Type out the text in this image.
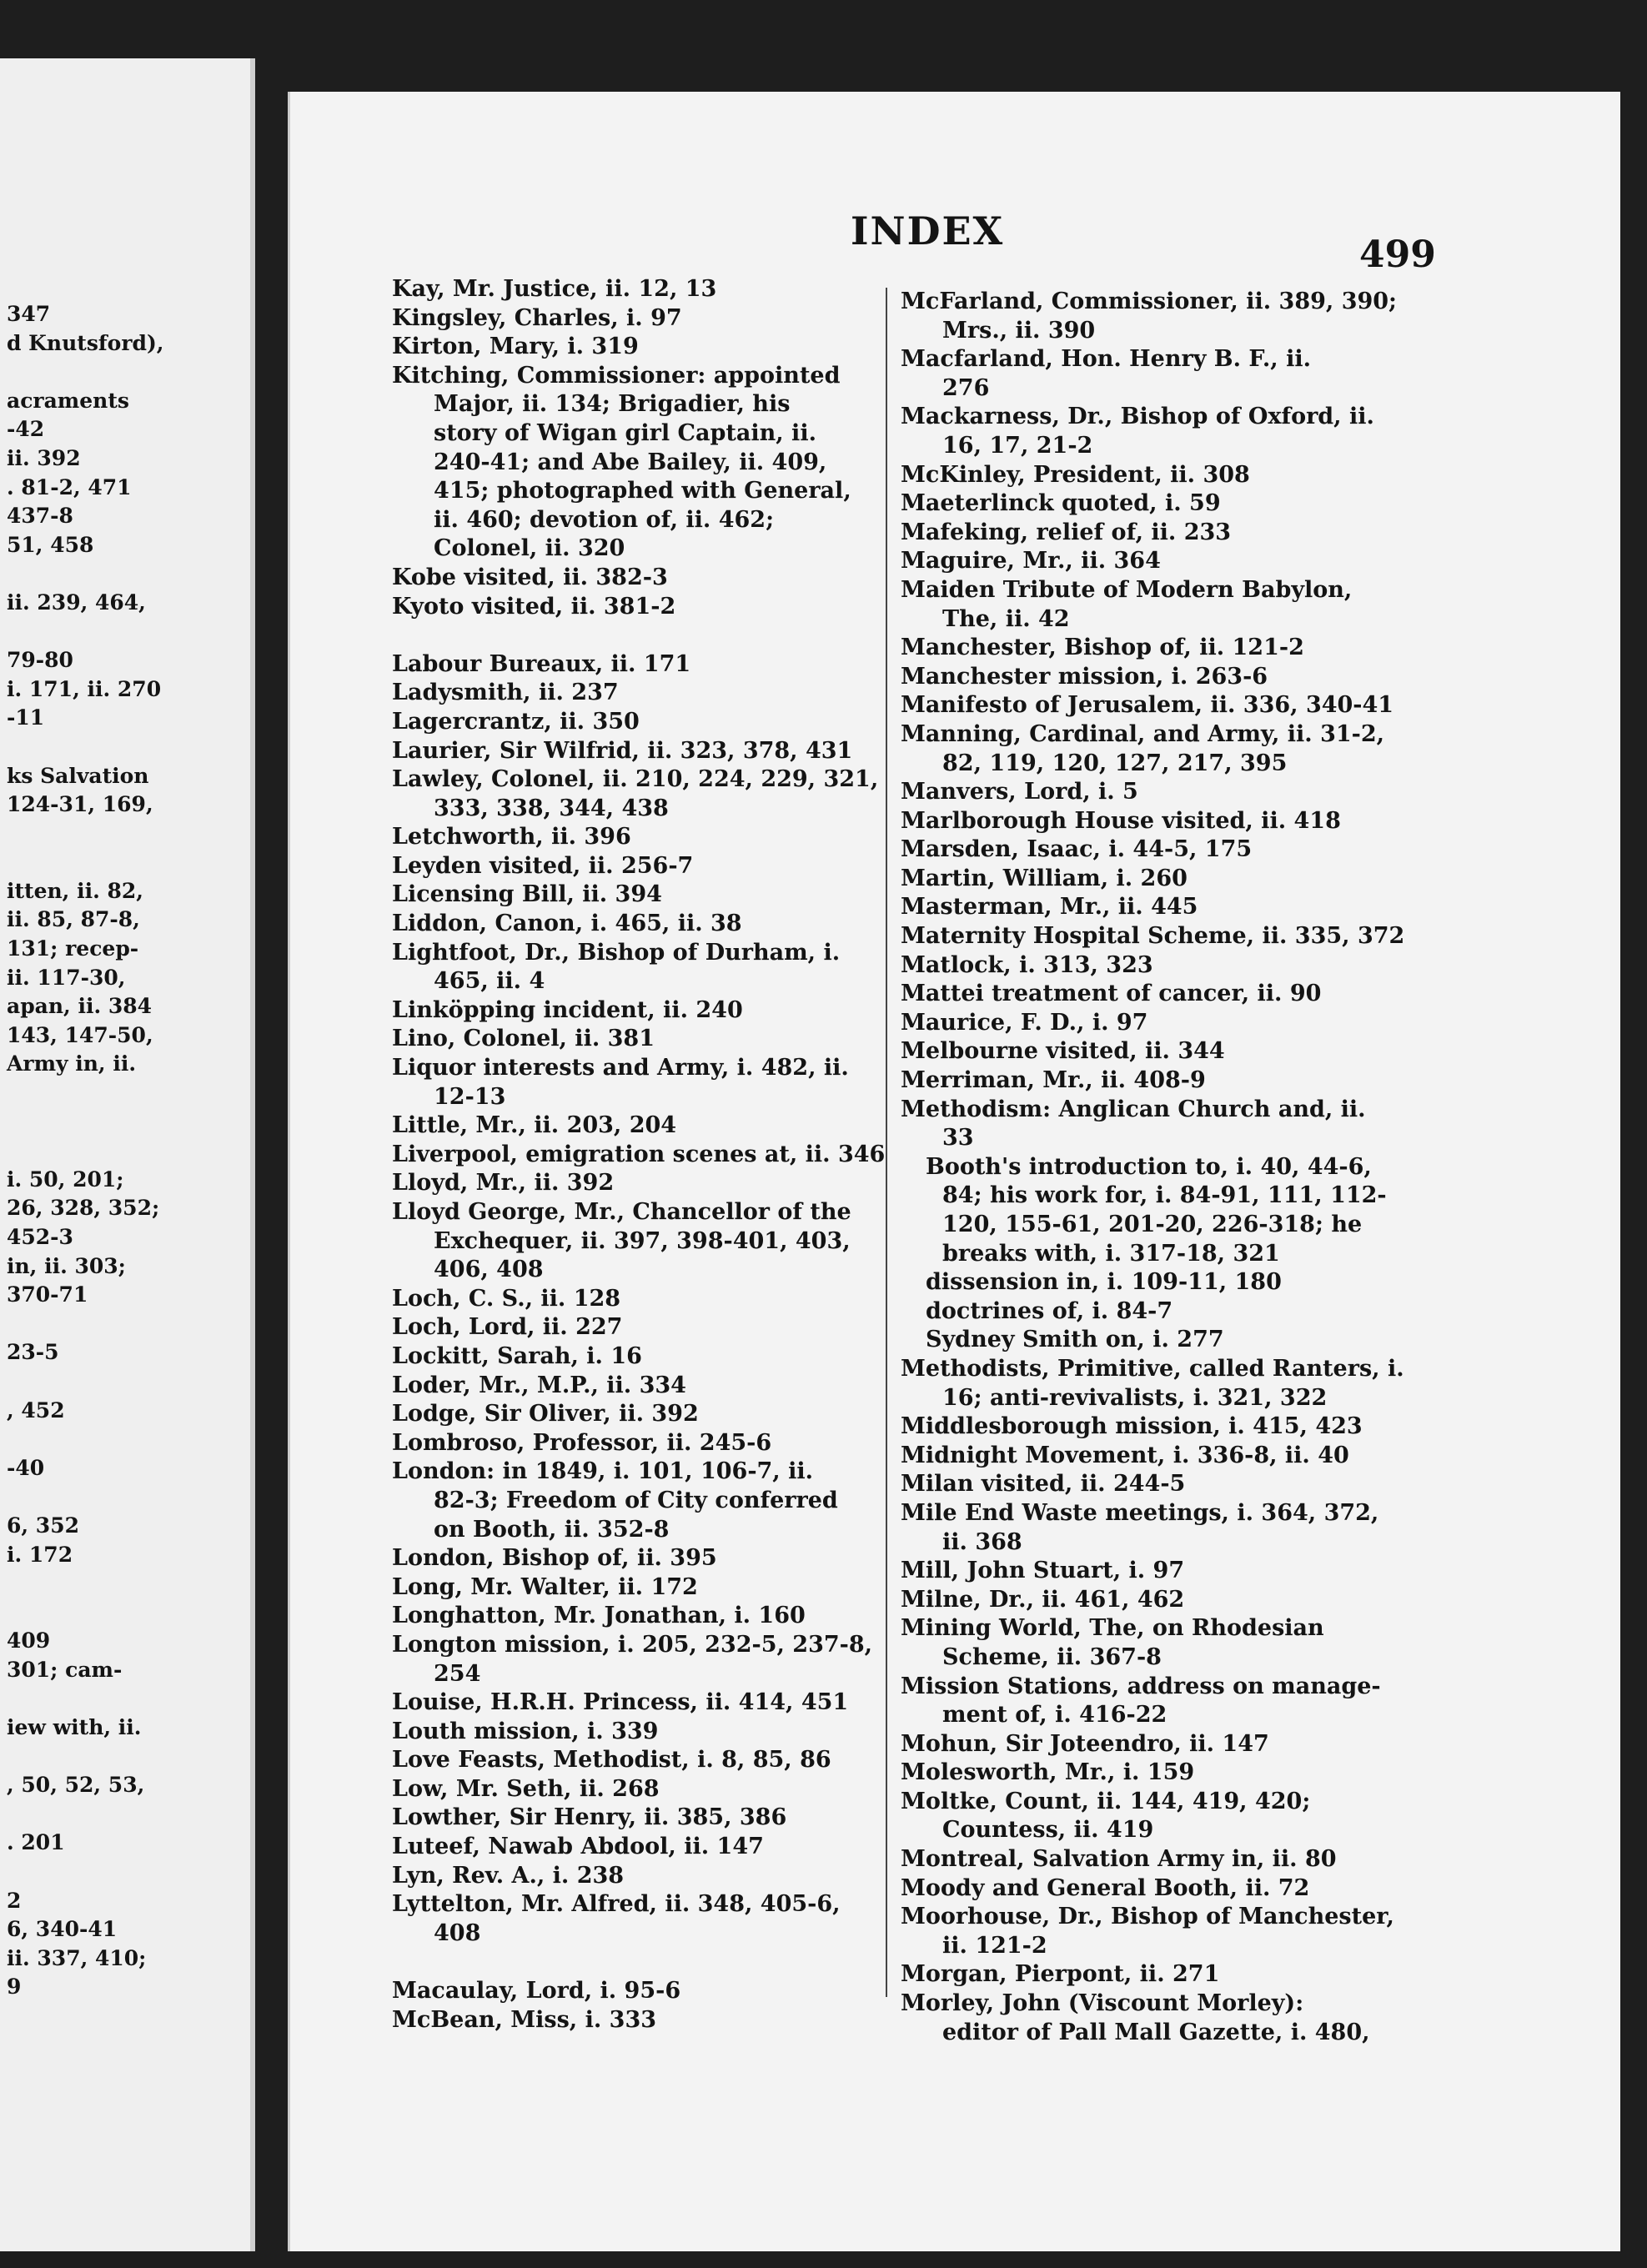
347
d Knutsford),
acraments
-42
ii. 392
. 81-2, 471
437-8
51, 458
ii. 239, 464,
79-80
i. 171, ii. 270
-11
ks Salvation
124-31, 169,
itten, ii. 82,
ii. 85, 87-8,
131; recep-
ii. 117-30,
apan, ii. 384
143, 147-50,
Army in, ii.
i. 50, 201;
26, 328, 352;
452-3
in, ii. 303;
370-71
23-5
, 452
-40
6, 352
i. 172
409
301; cam-
iew with, ii.
, 50, 52, 53,
. 201
2
6, 340-41
ii. 337, 410;
9
INDEX
499
Kay, Mr. Justice, ii. 12, 13
Kingsley, Charles, i. 97
Kirton, Mary, i. 319
Kitching, Commissioner: appointed
Major, ii. 134; Brigadier, his
story of Wigan girl Captain, ii.
240-41; and Abe Bailey, ii. 409,
415; photographed with General,
ii. 460; devotion of, ii. 462;
Colonel, ii. 320
Kobe visited, ii. 382-3
Kyoto visited, ii. 381-2
Labour Bureaux, ii. 171
Ladysmith, ii. 237
Lagercrantz, ii. 350
Laurier, Sir Wilfrid, ii. 323, 378, 431
Lawley, Colonel, ii. 210, 224, 229, 321,
333, 338, 344, 438
Letchworth, ii. 396
Leyden visited, ii. 256-7
Licensing Bill, ii. 394
Liddon, Canon, i. 465, ii. 38
Lightfoot, Dr., Bishop of Durham, i.
465, ii. 4
Linköpping incident, ii. 240
Lino, Colonel, ii. 381
Liquor interests and Army, i. 482, ii.
12-13
Little, Mr., ii. 203, 204
Liverpool, emigration scenes at, ii. 346
Lloyd, Mr., ii. 392
Lloyd George, Mr., Chancellor of the
Exchequer, ii. 397, 398-401, 403,
406, 408
Loch, C. S., ii. 128
Loch, Lord, ii. 227
Lockitt, Sarah, i. 16
Loder, Mr., M.P., ii. 334
Lodge, Sir Oliver, ii. 392
Lombroso, Professor, ii. 245-6
London: in 1849, i. 101, 106-7, ii.
82-3; Freedom of City conferred
on Booth, ii. 352-8
London, Bishop of, ii. 395
Long, Mr. Walter, ii. 172
Longhatton, Mr. Jonathan, i. 160
Longton mission, i. 205, 232-5, 237-8,
254
Louise, H.R.H. Princess, ii. 414, 451
Louth mission, i. 339
Love Feasts, Methodist, i. 8, 85, 86
Low, Mr. Seth, ii. 268
Lowther, Sir Henry, ii. 385, 386
Luteef, Nawab Abdool, ii. 147
Lyn, Rev. A., i. 238
Lyttelton, Mr. Alfred, ii. 348, 405-6,
408
Macaulay, Lord, i. 95-6
McBean, Miss, i. 333
McFarland, Commissioner, ii. 389, 390;
Mrs., ii. 390
Macfarland, Hon. Henry B. F., ii.
276
Mackarness, Dr., Bishop of Oxford, ii.
16, 17, 21-2
McKinley, President, ii. 308
Maeterlinck quoted, i. 59
Mafeking, relief of, ii. 233
Maguire, Mr., ii. 364
Maiden Tribute of Modern Babylon,
The, ii. 42
Manchester, Bishop of, ii. 121-2
Manchester mission, i. 263-6
Manifesto of Jerusalem, ii. 336, 340-41
Manning, Cardinal, and Army, ii. 31-2,
82, 119, 120, 127, 217, 395
Manvers, Lord, i. 5
Marlborough House visited, ii. 418
Marsden, Isaac, i. 44-5, 175
Martin, William, i. 260
Masterman, Mr., ii. 445
Maternity Hospital Scheme, ii. 335, 372
Matlock, i. 313, 323
Mattei treatment of cancer, ii. 90
Maurice, F. D., i. 97
Melbourne visited, ii. 344
Merriman, Mr., ii. 408-9
Methodism: Anglican Church and, ii.
33
Booth's introduction to, i. 40, 44-6,
84; his work for, i. 84-91, 111, 112-
120, 155-61, 201-20, 226-318; he
breaks with, i. 317-18, 321
dissension in, i. 109-11, 180
doctrines of, i. 84-7
Sydney Smith on, i. 277
Methodists, Primitive, called Ranters, i.
16; anti-revivalists, i. 321, 322
Middlesborough mission, i. 415, 423
Midnight Movement, i. 336-8, ii. 40
Milan visited, ii. 244-5
Mile End Waste meetings, i. 364, 372,
ii. 368
Mill, John Stuart, i. 97
Milne, Dr., ii. 461, 462
Mining World, The, on Rhodesian
Scheme, ii. 367-8
Mission Stations, address on manage-
ment of, i. 416-22
Mohun, Sir Joteendro, ii. 147
Molesworth, Mr., i. 159
Moltke, Count, ii. 144, 419, 420;
Countess, ii. 419
Montreal, Salvation Army in, ii. 80
Moody and General Booth, ii. 72
Moorhouse, Dr., Bishop of Manchester,
ii. 121-2
Morgan, Pierpont, ii. 271
Morley, John (Viscount Morley):
editor of Pall Mall Gazette, i. 480,
